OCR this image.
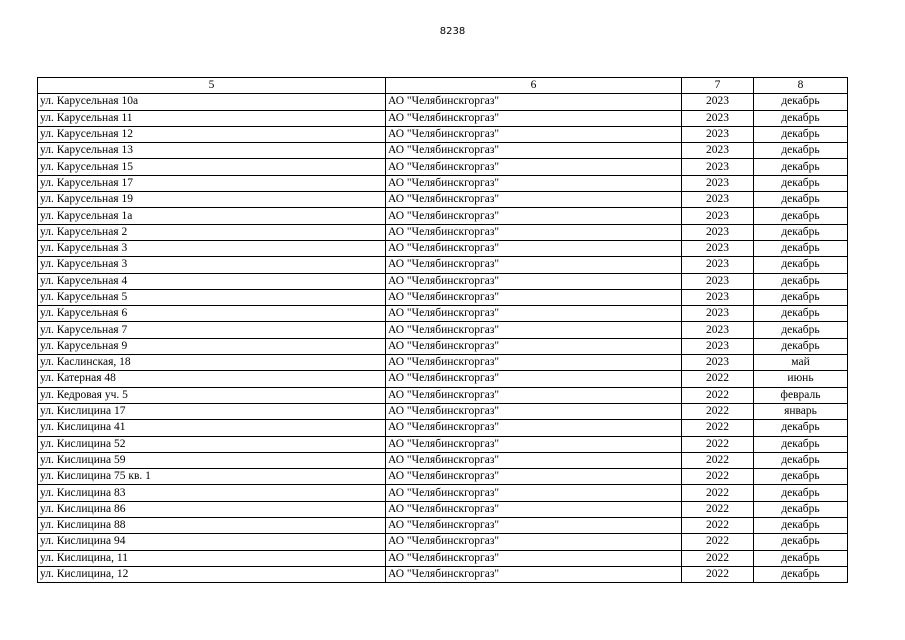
8238
5	6	7	8
ул. Карусельная 10а	АО "Челябинскгоргаз"	2023	декабрь
ул. Карусельная 11	АО "Челябинскгоргаз"	2023	декабрь
ул. Карусельная 12	АО "Челябинскгоргаз"	2023	декабрь
ул. Карусельная 13	АО "Челябинскгоргаз"	2023	декабрь
ул. Карусельная 15	АО "Челябинскгоргаз"	2023	декабрь
ул. Карусельная 17	АО "Челябинскгоргаз"	2023	декабрь
ул. Карусельная 19	АО "Челябинскгоргаз"	2023	декабрь
ул. Карусельная 1а	АО "Челябинскгоргаз"	2023	декабрь
ул. Карусельная 2	АО "Челябинскгоргаз"	2023	декабрь
ул. Карусельная 3	АО "Челябинскгоргаз"	2023	декабрь
ул. Карусельная 3	АО "Челябинскгоргаз"	2023	декабрь
ул. Карусельная 4	АО "Челябинскгоргаз"	2023	декабрь
ул. Карусельная 5	АО "Челябинскгоргаз"	2023	декабрь
ул. Карусельная 6	АО "Челябинскгоргаз"	2023	декабрь
ул. Карусельная 7	АО "Челябинскгоргаз"	2023	декабрь
ул. Карусельная 9	АО "Челябинскгоргаз"	2023	декабрь
ул. Каслинская, 18	АО "Челябинскгоргаз"	2023	май
ул. Катерная 48	АО "Челябинскгоргаз"	2022	июнь
ул. Кедровая уч. 5	АО "Челябинскгоргаз"	2022	февраль
ул. Кислицина 17	АО "Челябинскгоргаз"	2022	январь
ул. Кислицина 41	АО "Челябинскгоргаз"	2022	декабрь
ул. Кислицина 52	АО "Челябинскгоргаз"	2022	декабрь
ул. Кислицина 59	АО "Челябинскгоргаз"	2022	декабрь
ул. Кислицина 75 кв. 1	АО "Челябинскгоргаз"	2022	декабрь
ул. Кислицина 83	АО "Челябинскгоргаз"	2022	декабрь
ул. Кислицина 86	АО "Челябинскгоргаз"	2022	декабрь
ул. Кислицина 88	АО "Челябинскгоргаз"	2022	декабрь
ул. Кислицина 94	АО "Челябинскгоргаз"	2022	декабрь
ул. Кислицина, 11	АО "Челябинскгоргаз"	2022	декабрь
ул. Кислицина, 12	АО "Челябинскгоргаз"	2022	декабрь
